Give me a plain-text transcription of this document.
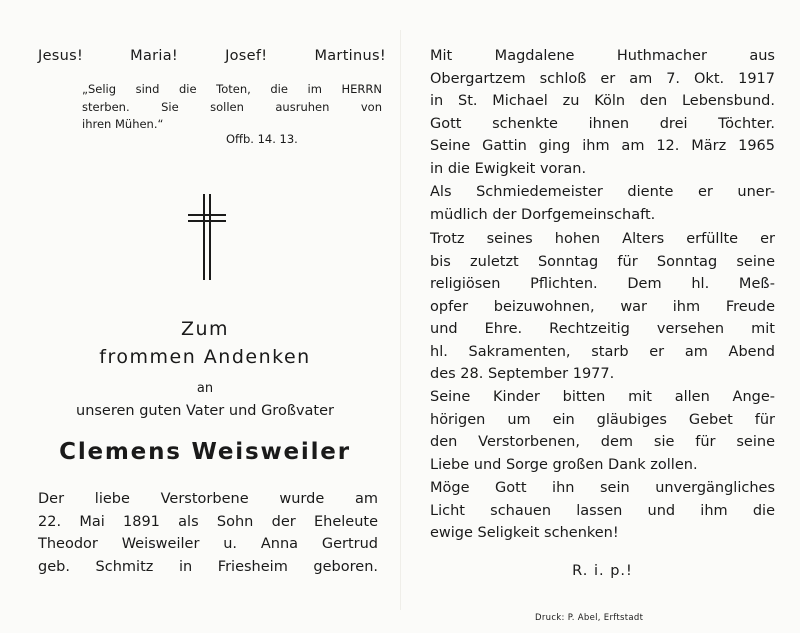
Jesus!	Maria!	Josef!	Martinus!
„Selig sind die Toten, die im HERRN
sterben. Sie sollen ausruhen von
ihren Mühen.“
Offb. 14. 13.
Zum
frommen Andenken
an
unseren guten Vater und Großvater
Clemens Weisweiler
Der liebe Verstorbene wurde am
22. Mai 1891 als Sohn der Eheleute
Theodor Weisweiler u. Anna Gertrud
geb. Schmitz in Friesheim geboren.
Mit Magdalene Huthmacher aus
Obergartzem schloß er am 7. Okt. 1917
in St. Michael zu Köln den Lebensbund.
Gott schenkte ihnen drei Töchter.
Seine Gattin ging ihm am 12. März 1965
in die Ewigkeit voran.
Als Schmiedemeister diente er uner-
müdlich der Dorfgemeinschaft.
Trotz seines hohen Alters erfüllte er
bis zuletzt Sonntag für Sonntag seine
religiösen Pflichten. Dem hl. Meß-
opfer beizuwohnen, war ihm Freude
und Ehre. Rechtzeitig versehen mit
hl. Sakramenten, starb er am Abend
des 28. September 1977.
Seine Kinder bitten mit allen Ange-
hörigen um ein gläubiges Gebet für
den Verstorbenen, dem sie für seine
Liebe und Sorge großen Dank zollen.
Möge Gott ihn sein unvergängliches
Licht schauen lassen und ihm die
ewige Seligkeit schenken!
R. i. p.!
Druck: P. Abel, Erftstadt
